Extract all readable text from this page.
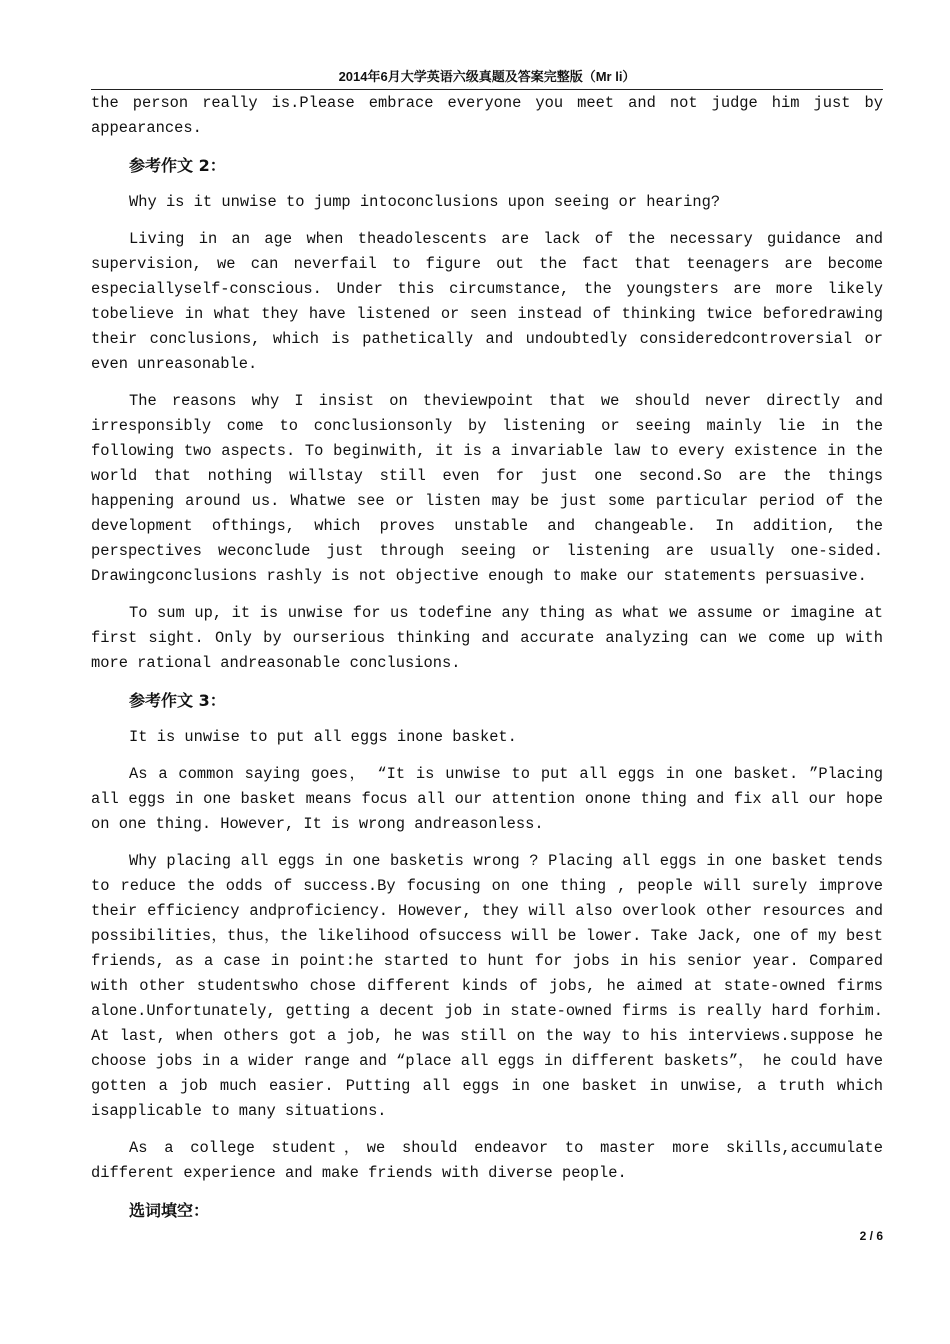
2014年6月大学英语六级真题及答案完整版（Mr li）

the person really is.Please embrace everyone you meet and not judge him just by appearances.

参考作文 2：

Why is it unwise to jump intoconclusions upon seeing or hearing?

Living in an age when theadolescents are lack of the necessary guidance and supervision, we can neverfail to figure out the fact that teenagers are become especiallyself-conscious. Under this circumstance, the youngsters are more likely tobelieve in what they have listened or seen instead of thinking twice beforedrawing their conclusions, which is pathetically and undoubtedly consideredcontroversial or even unreasonable.

The reasons why I insist on theviewpoint that we should never directly and irresponsibly come to conclusionsonly by listening or seeing mainly lie in the following two aspects. To beginwith, it is a invariable law to every existence in the world that nothing willstay still even for just one second.So are the things happening around us. Whatwe see or listen may be just some particular period of the development ofthings, which proves unstable and changeable. In addition, the perspectives weconclude just through seeing or listening are usually one-sided. Drawingconclusions rashly is not objective enough to make our statements persuasive.

To sum up, it is unwise for us todefine any thing as what we assume or imagine at first sight. Only by ourserious thinking and accurate analyzing can we come up with more rational andreasonable conclusions.

参考作文 3：

It is unwise to put all eggs inone basket.

As a common saying goes， “It is unwise to put all eggs in one basket. ”Placing all eggs in one basket means focus all our attention onone thing and fix all our hope on one thing. However, It is wrong andreasonless.

Why placing all eggs in one basketis wrong ? Placing all eggs in one basket tends to reduce the odds of success.By focusing on one thing , people will surely improve their efficiency andproficiency. However, they will also overlook other resources and possibilities，thus，the likelihood ofsuccess will be lower. Take Jack, one of my best friends, as a case in point:he started to hunt for jobs in his senior year. Compared with other studentswho chose different kinds of jobs, he aimed at state-owned firms alone.Unfortunately, getting a decent job in state-owned firms is really hard forhim. At last, when others got a job, he was still on the way to his interviews.suppose he choose jobs in a wider range and “place all eggs in different baskets”， he could have gotten a job much easier. Putting all eggs in one basket in unwise, a truth which isapplicable to many situations.

As a college student，we should endeavor to master more skills,accumulate different experience and make friends with diverse people.

选词填空：
2 / 6
